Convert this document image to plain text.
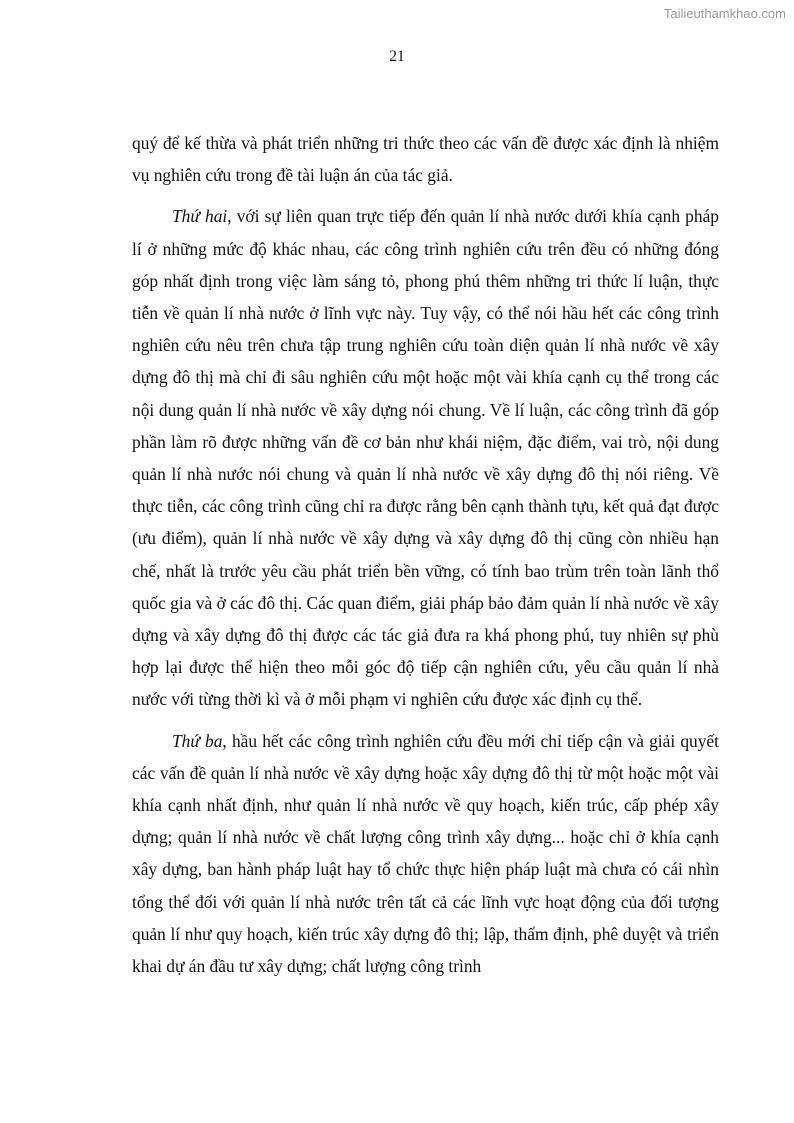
Tailieuthamkhao.com
21

quý để kế thừa và phát triển những tri thức theo các vấn đề được xác định là nhiệm vụ nghiên cứu trong đề tài luận án của tác giả.

Thứ hai, với sự liên quan trực tiếp đến quản lí nhà nước dưới khía cạnh pháp lí ở những mức độ khác nhau, các công trình nghiên cứu trên đều có những đóng góp nhất định trong việc làm sáng tỏ, phong phú thêm những tri thức lí luận, thực tiễn về quản lí nhà nước ở lĩnh vực này. Tuy vậy, có thể nói hầu hết các công trình nghiên cứu nêu trên chưa tập trung nghiên cứu toàn diện quản lí nhà nước về xây dựng đô thị mà chỉ đi sâu nghiên cứu một hoặc một vài khía cạnh cụ thể trong các nội dung quản lí nhà nước về xây dựng nói chung. Về lí luận, các công trình đã góp phần làm rõ được những vấn đề cơ bản như khái niệm, đặc điểm, vai trò, nội dung quản lí nhà nước nói chung và quản lí nhà nước về xây dựng đô thị nói riêng. Về thực tiễn, các công trình cũng chỉ ra được rằng bên cạnh thành tựu, kết quả đạt được (ưu điểm), quản lí nhà nước về xây dựng và xây dựng đô thị cũng còn nhiều hạn chế, nhất là trước yêu cầu phát triển bền vững, có tính bao trùm trên toàn lãnh thổ quốc gia và ở các đô thị. Các quan điểm, giải pháp bảo đảm quản lí nhà nước về xây dựng và xây dựng đô thị được các tác giả đưa ra khá phong phú, tuy nhiên sự phù hợp lại được thể hiện theo mỗi góc độ tiếp cận nghiên cứu, yêu cầu quản lí nhà nước với từng thời kì và ở mỗi phạm vi nghiên cứu được xác định cụ thể.

Thứ ba, hầu hết các công trình nghiên cứu đều mới chỉ tiếp cận và giải quyết các vấn đề quản lí nhà nước về xây dựng hoặc xây dựng đô thị từ một hoặc một vài khía cạnh nhất định, như quản lí nhà nước về quy hoạch, kiến trúc, cấp phép xây dựng; quản lí nhà nước về chất lượng công trình xây dựng... hoặc chỉ ở khía cạnh xây dựng, ban hành pháp luật hay tổ chức thực hiện pháp luật mà chưa có cái nhìn tổng thể đối với quản lí nhà nước trên tất cả các lĩnh vực hoạt động của đối tượng quản lí như quy hoạch, kiến trúc xây dựng đô thị; lập, thẩm định, phê duyệt và triển khai dự án đầu tư xây dựng; chất lượng công trình
